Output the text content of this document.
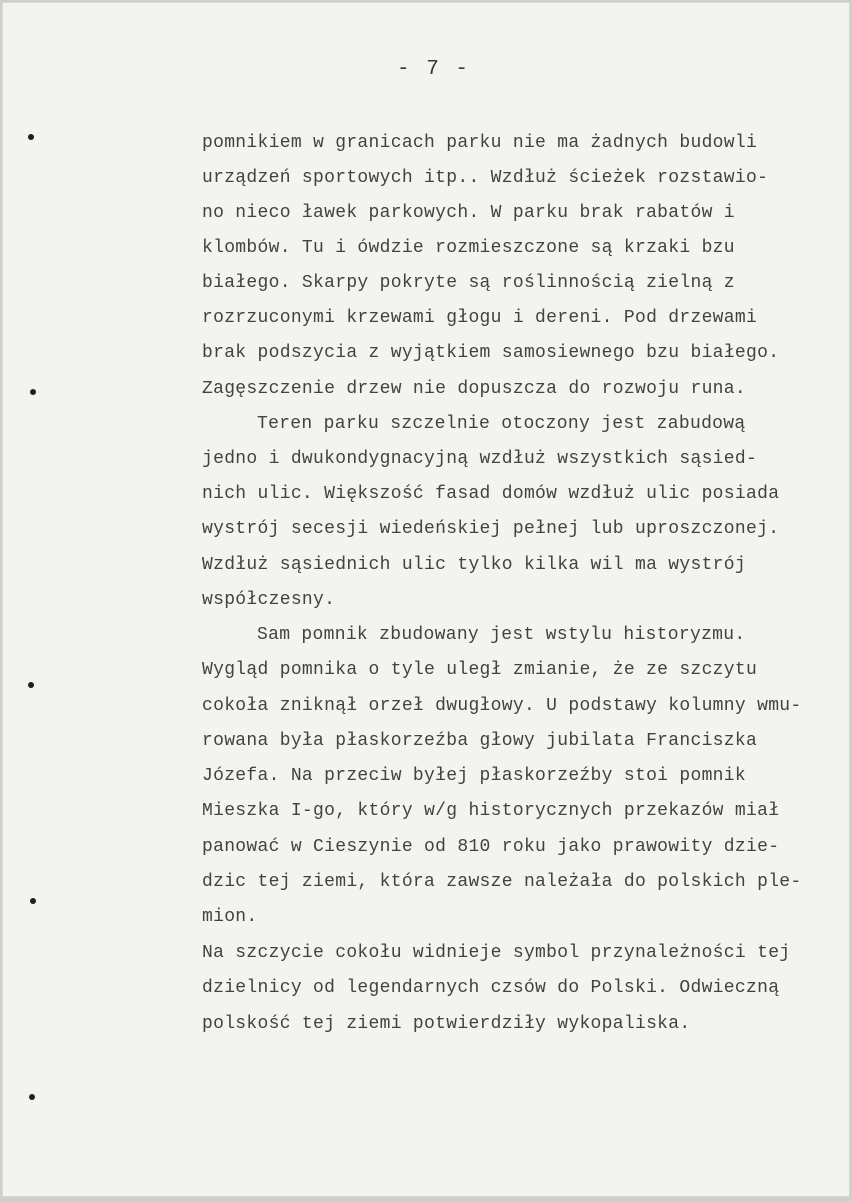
- 7 -
pomnikiem w granicach parku nie ma żadnych budowli
urządzeń sportowych itp.. Wzdłuż ścieżek rozstawio-
no nieco ławek parkowych. W parku brak rabatów i
klombów. Tu i ówdzie rozmieszczone są krzaki bzu
białego. Skarpy pokryte są roślinnością zielną z
rozrzuconymi krzewami głogu i dereni. Pod drzewami
brak podszycia z wyjątkiem samosiewnego bzu białego.
Zagęszczenie drzew nie dopuszcza do rozwoju runa.
Teren parku szczelnie otoczony jest zabudową
jedno i dwukondygnacyjną wzdłuż wszystkich sąsied-
nich ulic. Większość fasad domów wzdłuż ulic posiada
wystrój secesji wiedeńskiej pełnej lub uproszczonej.
Wzdłuż sąsiednich ulic tylko kilka wil ma wystrój
współczesny.
Sam pomnik zbudowany jest wstylu historyzmu.
Wygląd pomnika o tyle uległ zmianie, że ze szczytu
cokoła zniknął orzeł dwugłowy. U podstawy kolumny wmu-
rowana była płaskorzeźba głowy jubilata Franciszka
Józefa. Na przeciw byłej płaskorzeźby stoi pomnik
Mieszka I-go, który w/g historycznych przekazów miał
panować w Cieszynie od 810 roku jako prawowity dzie-
dzic tej ziemi, która zawsze należała do polskich ple-
mion.
Na szczycie cokołu widnieje symbol przynależności tej
dzielnicy od legendarnych czsów do Polski. Odwieczną
polskość tej ziemi potwierdziły wykopaliska.
